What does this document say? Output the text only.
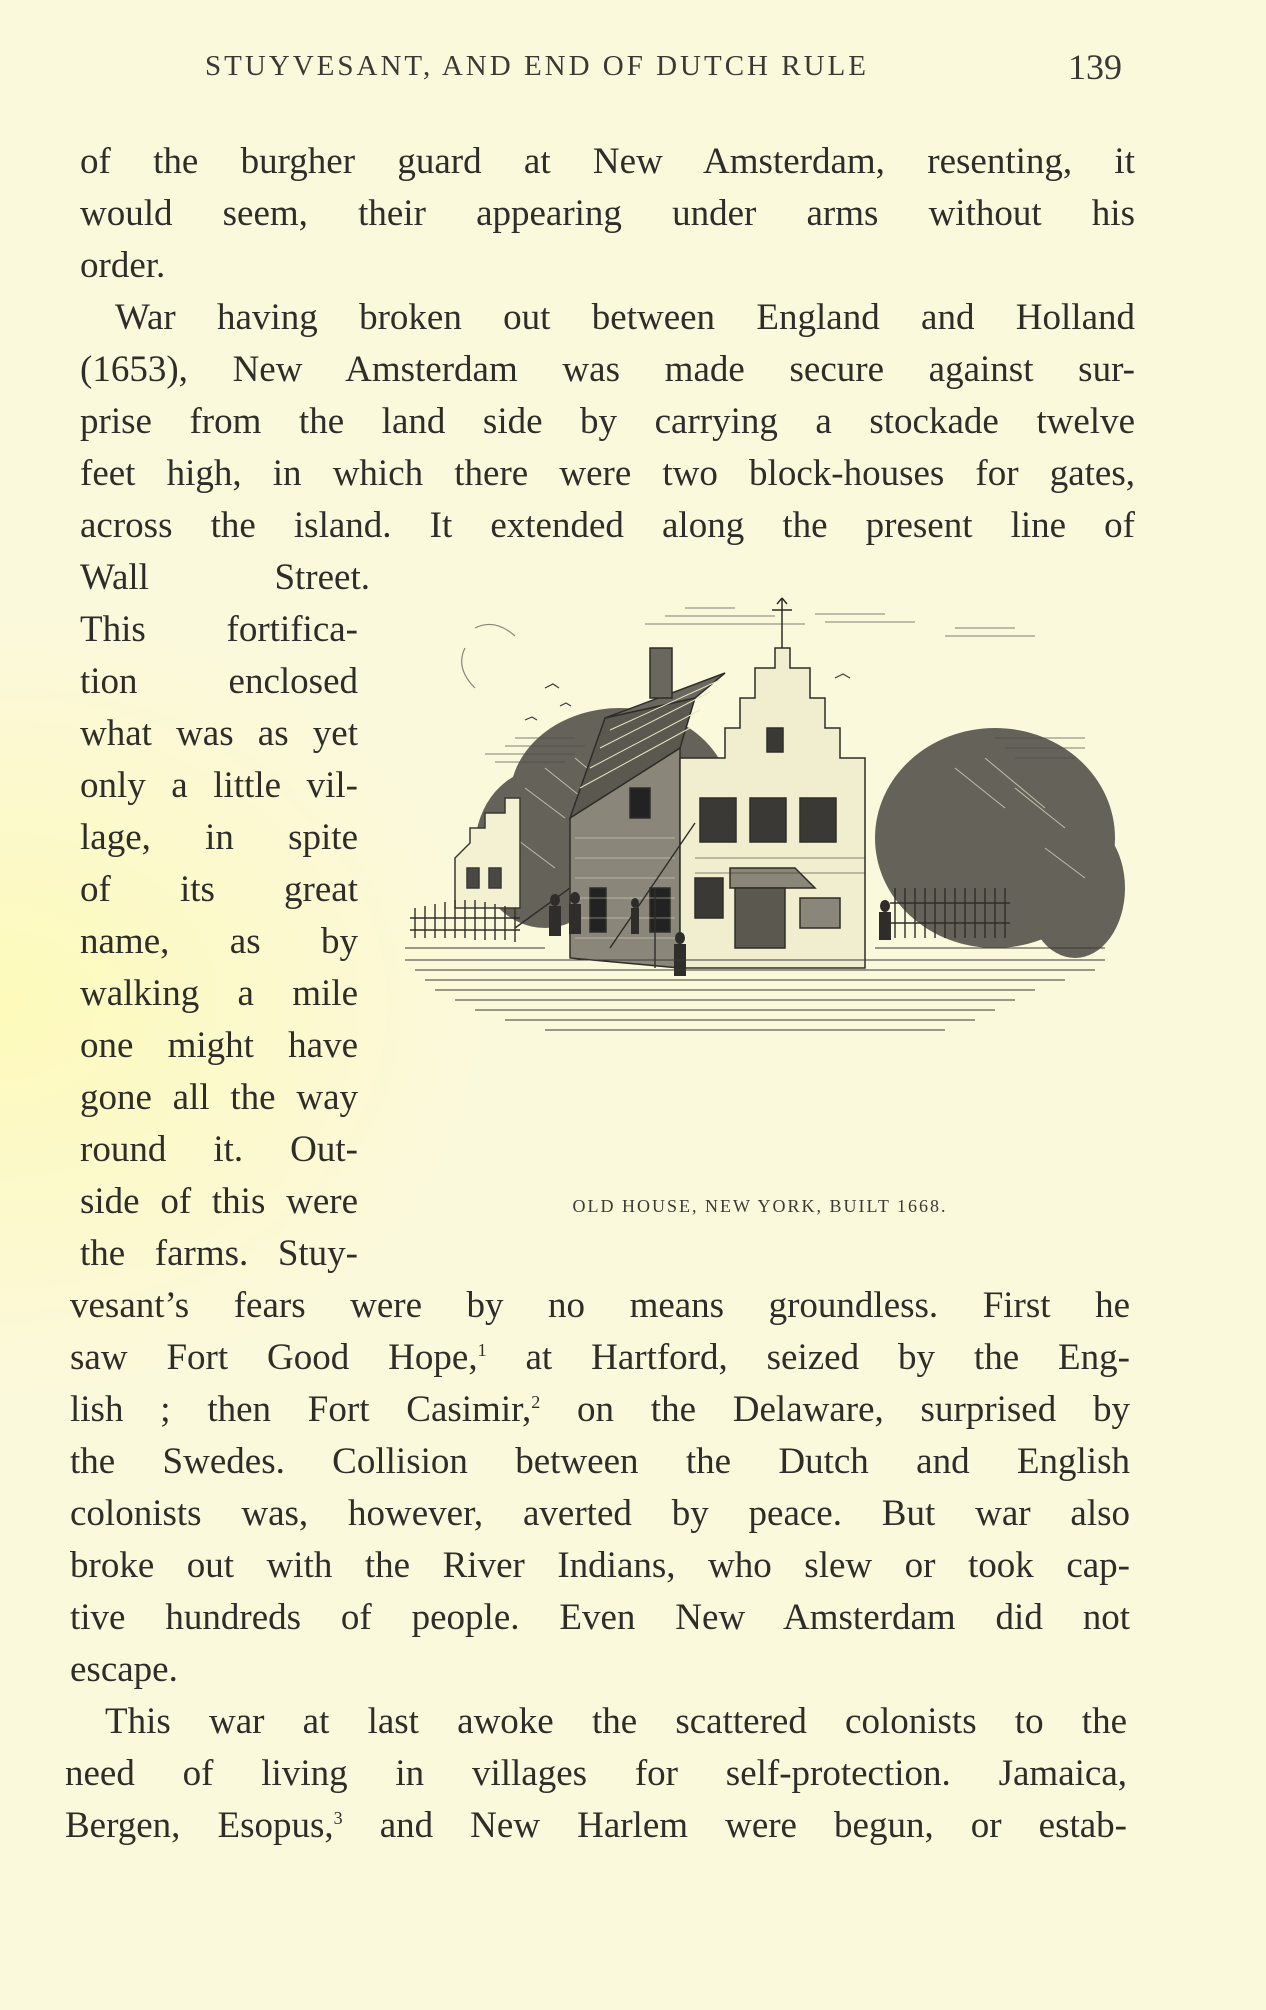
STUYVESANT, AND END OF DUTCH RULE	139
of the burgher guard at New Amsterdam, resenting, it
would seem, their appearing under arms without his
order.
War having broken out between England and Holland
(1653), New Amsterdam was made secure against sur-
prise from the land side by carrying a stockade twelve
feet high, in which there were two block-houses for gates,
across the island. It extended along the present line of
Wall Street.
This fortifica-
tion enclosed
what was as yet
only a little vil-
lage, in spite
of its great
name, as by
walking a mile
one might have
gone all the way
round it. Out-
side of this were
the farms. Stuy-
vesant’s fears were by no means groundless. First he
saw Fort Good Hope,$^1$ at Hartford, seized by the Eng-
lish ; then Fort Casimir,$^2$ on the Delaware, surprised by
the Swedes. Collision between the Dutch and English
colonists was, however, averted by peace. But war also
broke out with the River Indians, who slew or took cap-
tive hundreds of people. Even New Amsterdam did not
escape.
This war at last awoke the scattered colonists to the
need of living in villages for self-protection. Jamaica,
Bergen, Esopus,$^3$ and New Harlem were begun, or estab-
OLD HOUSE, NEW YORK, BUILT 1668.
